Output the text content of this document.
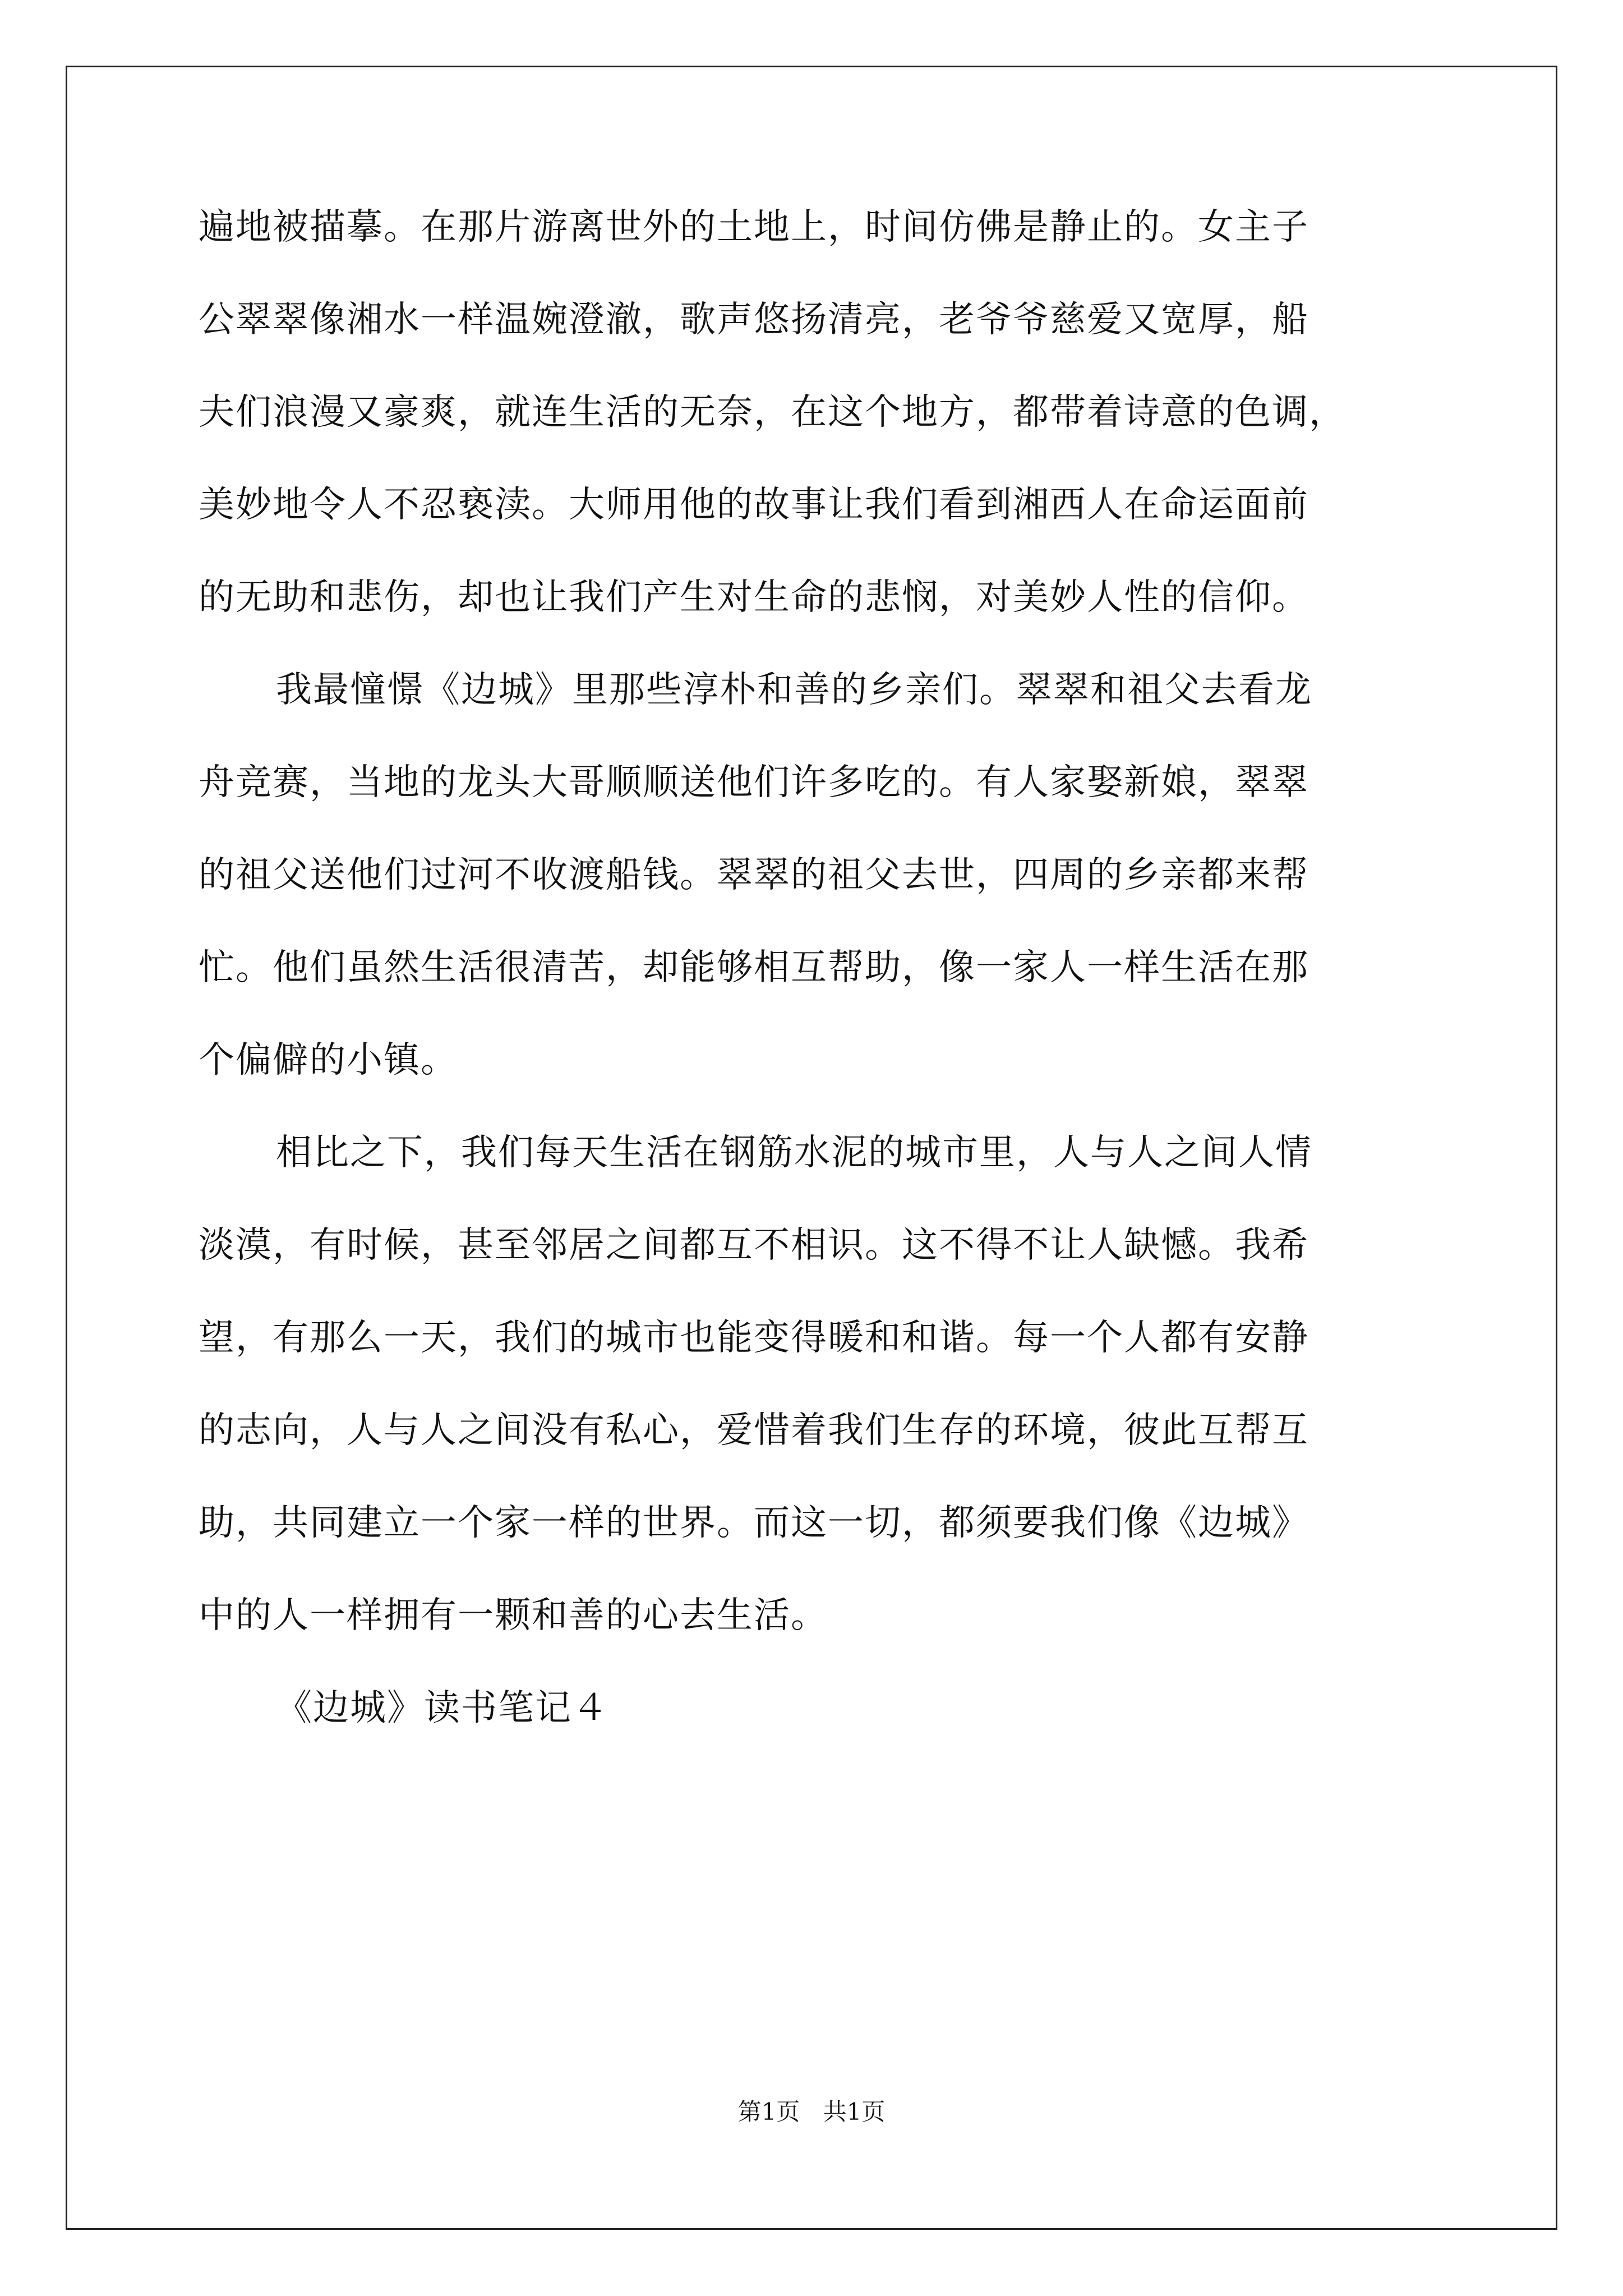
遍地被描摹。在那片游离世外的土地上，时间仿佛是静止的。女主子
公翠翠像湘水一样温婉澄澈，歌声悠扬清亮，老爷爷慈爱又宽厚，船
夫们浪漫又豪爽，就连生活的无奈，在这个地方，都带着诗意的色调，
美妙地令人不忍亵渎。大师用他的故事让我们看到湘西人在命运面前
的无助和悲伤，却也让我们产生对生命的悲悯，对美妙人性的信仰。
我最憧憬《边城》里那些淳朴和善的乡亲们。翠翠和祖父去看龙
舟竞赛，当地的龙头大哥顺顺送他们许多吃的。有人家娶新娘，翠翠
的祖父送他们过河不收渡船钱。翠翠的祖父去世，四周的乡亲都来帮
忙。他们虽然生活很清苦，却能够相互帮助，像一家人一样生活在那
个偏僻的小镇。
相比之下，我们每天生活在钢筋水泥的城市里，人与人之间人情
淡漠，有时候，甚至邻居之间都互不相识。这不得不让人缺憾。我希
望，有那么一天，我们的城市也能变得暖和和谐。每一个人都有安静
的志向，人与人之间没有私心，爱惜着我们生存的环境，彼此互帮互
助，共同建立一个家一样的世界。而这一切，都须要我们像《边城》
中的人一样拥有一颗和善的心去生活。
《边城》读书笔记４
第1页 共1页
